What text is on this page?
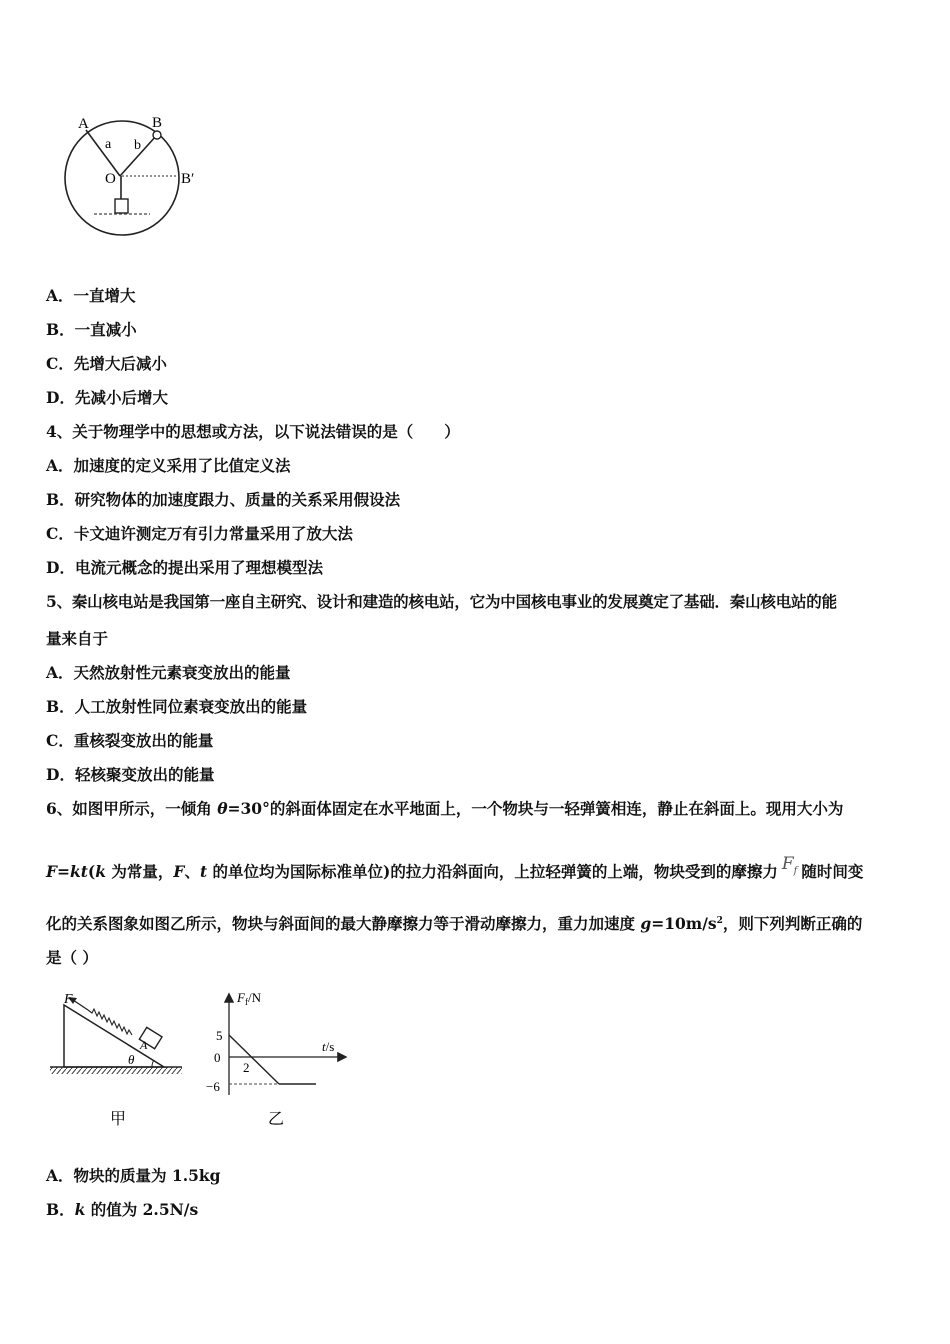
A	B
a b
O	B′
A．一直增大
B．一直减小
C．先增大后减小
D．先减小后增大
4、关于物理学中的思想或方法，以下说法错误的是（　　）
A．加速度的定义采用了比值定义法
B．研究物体的加速度跟力、质量的关系采用假设法
C．卡文迪许测定万有引力常量采用了放大法
D．电流元概念的提出采用了理想模型法
5、秦山核电站是我国第一座自主研究、设计和建造的核电站，它为中国核电事业的发展奠定了基础．秦山核电站的能
量来自于
A．天然放射性元素衰变放出的能量
B．人工放射性同位素衰变放出的能量
C．重核裂变放出的能量
D．轻核聚变放出的能量
6、如图甲所示，一倾角 θ=30°的斜面体固定在水平地面上，一个物块与一轻弹簧相连，静止在斜面上。现用大小为
F=kt(k 为常量，F、t 的单位均为国际标准单位)的拉力沿斜面向，上拉轻弹簧的上端，物块受到的摩擦力 $F_f$ 随时间变
化的关系图象如图乙所示，物块与斜面间的最大静摩擦力等于滑动摩擦力，重力加速度 $g=10m/s^2$，则下列判断正确的
是（ ）
F
A
θ
甲
$F_f/N$
t/s
5
0
2
−6
乙
A．物块的质量为 1.5kg
B．k 的值为 2.5N/s
